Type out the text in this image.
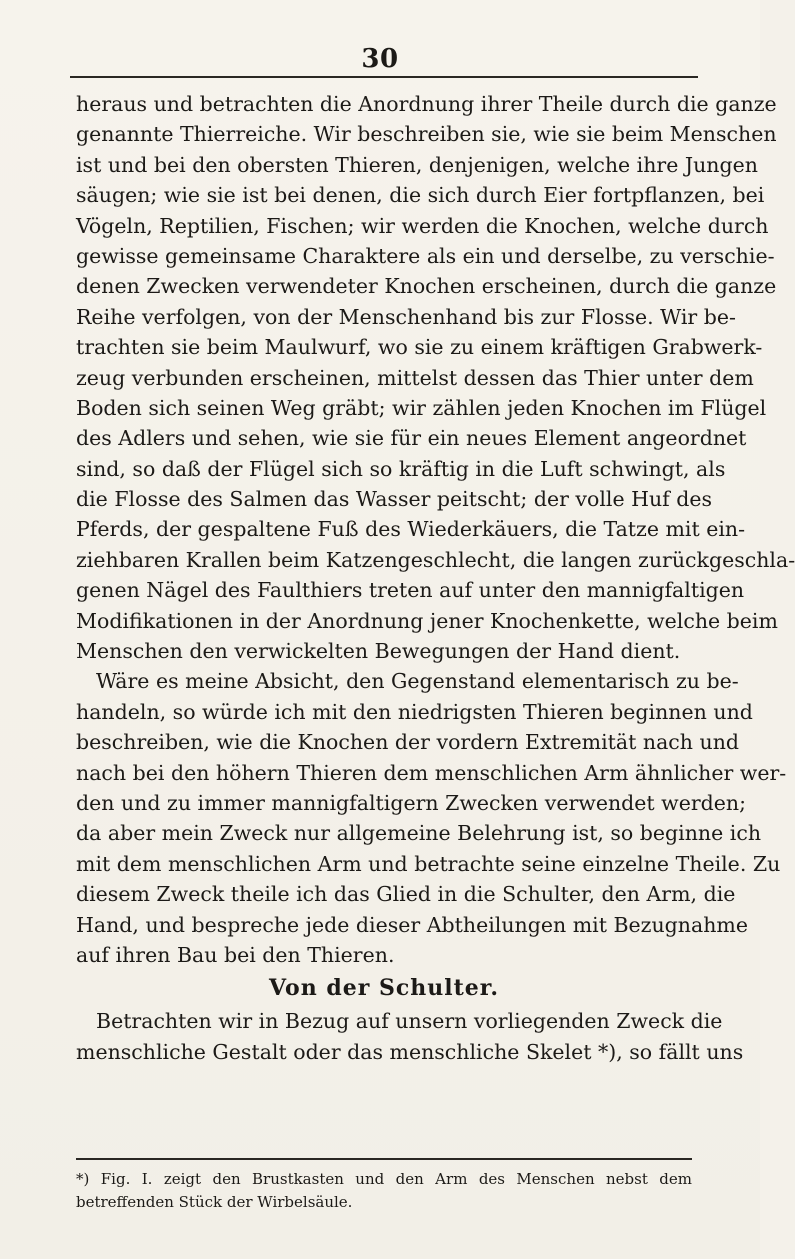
30
heraus und betrachten die Anordnung ihrer Theile durch die ganze
genannte Thierreiche. Wir beschreiben sie, wie sie beim Menschen
ist und bei den obersten Thieren, denjenigen, welche ihre Jungen
säugen; wie sie ist bei denen, die sich durch Eier fortpflanzen, bei
Vögeln, Reptilien, Fischen; wir werden die Knochen, welche durch
gewisse gemeinsame Charaktere als ein und derselbe, zu verschie-
denen Zwecken verwendeter Knochen erscheinen, durch die ganze
Reihe verfolgen, von der Menschenhand bis zur Flosse. Wir be-
trachten sie beim Maulwurf, wo sie zu einem kräftigen Grabwerk-
zeug verbunden erscheinen, mittelst dessen das Thier unter dem
Boden sich seinen Weg gräbt; wir zählen jeden Knochen im Flügel
des Adlers und sehen, wie sie für ein neues Element angeordnet
sind, so daß der Flügel sich so kräftig in die Luft schwingt, als
die Flosse des Salmen das Wasser peitscht; der volle Huf des
Pferds, der gespaltene Fuß des Wiederkäuers, die Tatze mit ein-
ziehbaren Krallen beim Katzengeschlecht, die langen zurückgeschla-
genen Nägel des Faulthiers treten auf unter den mannigfaltigen
Modifikationen in der Anordnung jener Knochenkette, welche beim
Menschen den verwickelten Bewegungen der Hand dient.
Wäre es meine Absicht, den Gegenstand elementarisch zu be-
handeln, so würde ich mit den niedrigsten Thieren beginnen und
beschreiben, wie die Knochen der vordern Extremität nach und
nach bei den höhern Thieren dem menschlichen Arm ähnlicher wer-
den und zu immer mannigfaltigern Zwecken verwendet werden;
da aber mein Zweck nur allgemeine Belehrung ist, so beginne ich
mit dem menschlichen Arm und betrachte seine einzelne Theile. Zu
diesem Zweck theile ich das Glied in die Schulter, den Arm, die
Hand, und bespreche jede dieser Abtheilungen mit Bezugnahme
auf ihren Bau bei den Thieren.
Von der Schulter.
Betrachten wir in Bezug auf unsern vorliegenden Zweck die
menschliche Gestalt oder das menschliche Skelet *), so fällt uns
*) Fig. I. zeigt den Brustkasten und den Arm des Menschen nebst dem
betreffenden Stück der Wirbelsäule.
